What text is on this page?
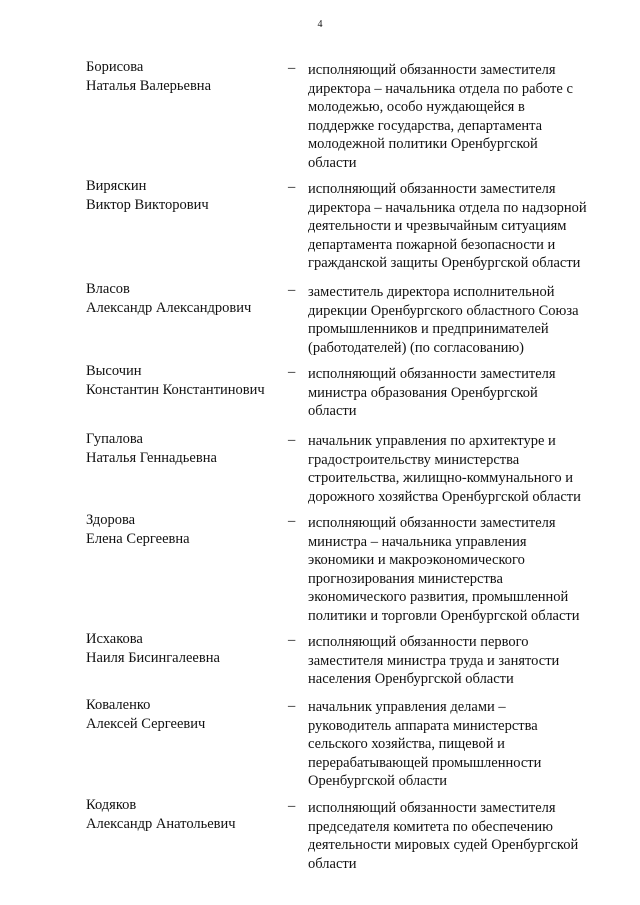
4
Борисова
Наталья Валерьевна
– исполняющий обязанности заместителя
директора – начальника отдела по работе с
молодежью, особо нуждающейся в
поддержке государства, департамента
молодежной политики Оренбургской
области
Виряскин
Виктор Викторович
– исполняющий обязанности заместителя
директора – начальника отдела по надзорной
деятельности и чрезвычайным ситуациям
департамента пожарной безопасности и
гражданской защиты Оренбургской области
Власов
Александр Александрович
– заместитель директора исполнительной
дирекции Оренбургского областного Союза
промышленников и предпринимателей
(работодателей) (по согласованию)
Высочин
Константин Константинович
– исполняющий обязанности заместителя
министра образования Оренбургской
области
Гупалова
Наталья Геннадьевна
– начальник управления по архитектуре и
градостроительству министерства
строительства, жилищно-коммунального и
дорожного хозяйства Оренбургской области
Здорова
Елена Сергеевна
– исполняющий обязанности заместителя
министра – начальника управления
экономики и макроэкономического
прогнозирования министерства
экономического развития, промышленной
политики и торговли Оренбургской области
Исхакова
Наиля Бисингалеевна
– исполняющий обязанности первого
заместителя министра труда и занятости
населения Оренбургской области
Коваленко
Алексей Сергеевич
– начальник управления делами –
руководитель аппарата министерства
сельского хозяйства, пищевой и
перерабатывающей промышленности
Оренбургской области
Кодяков
Александр Анатольевич
– исполняющий обязанности заместителя
председателя комитета по обеспечению
деятельности мировых судей Оренбургской
области
